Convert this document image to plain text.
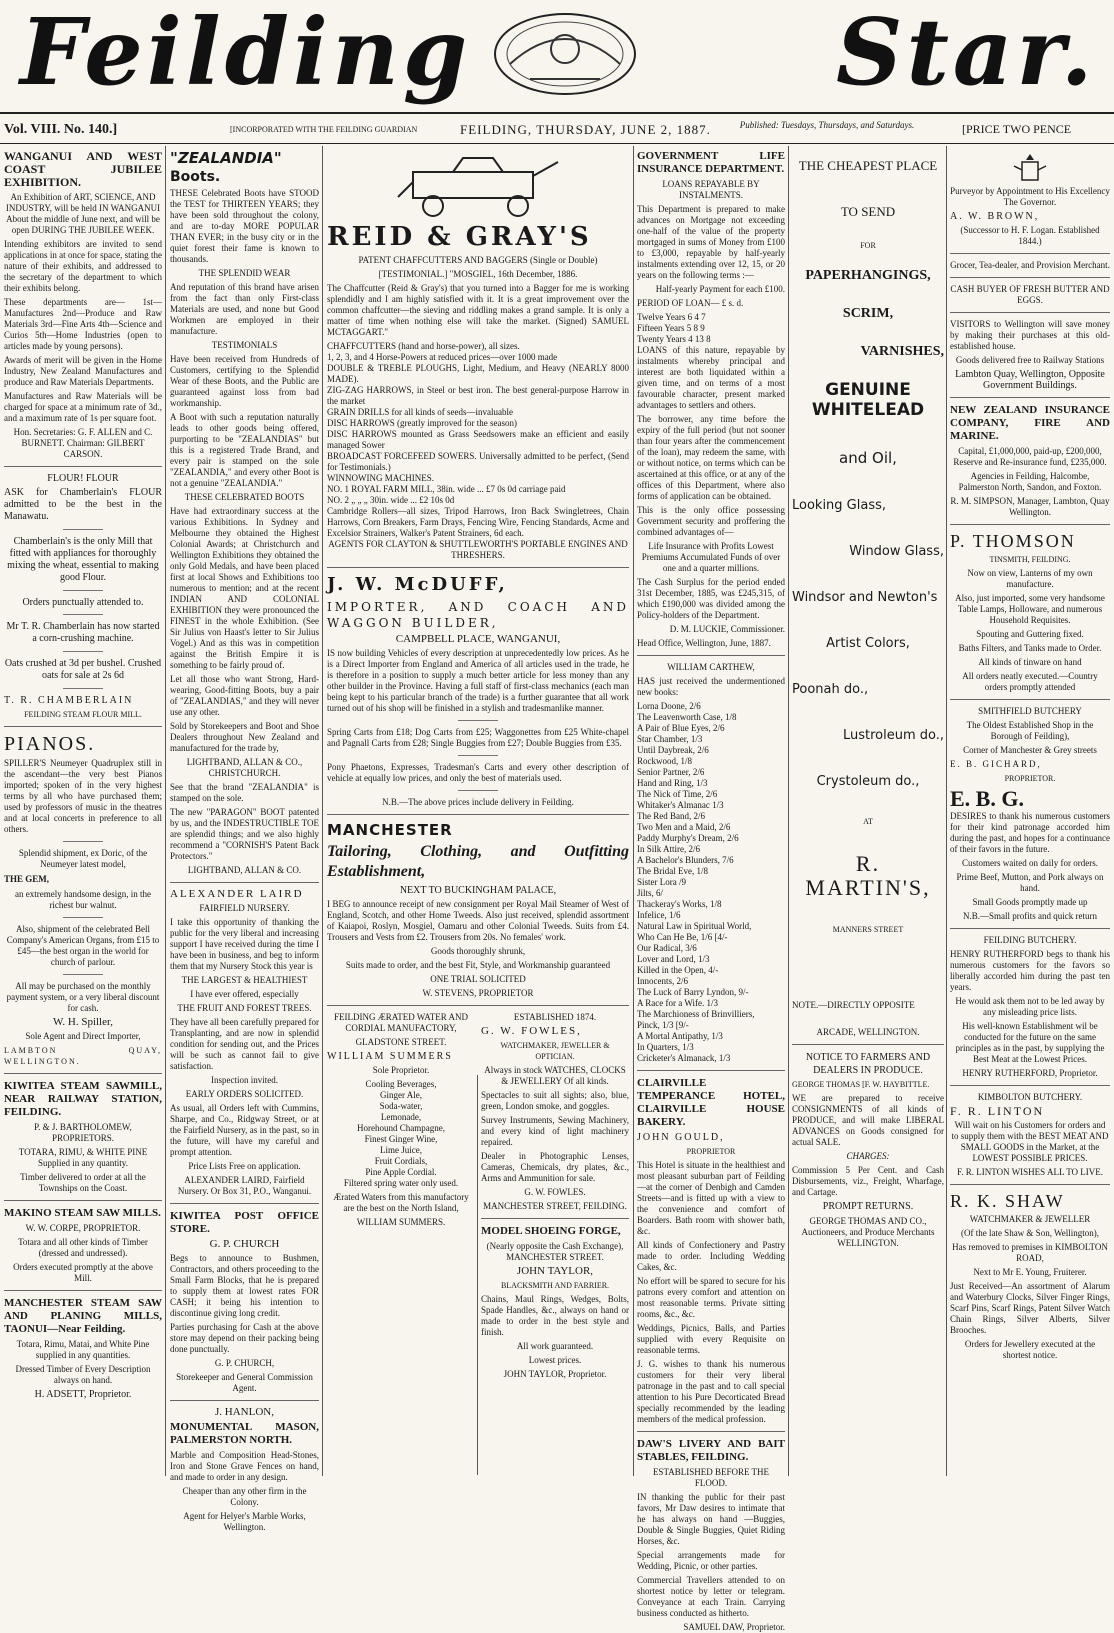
Feilding	Star.
Vol. VIII. No. 140.]	[INCORPORATED WITH THE FEILDING GUARDIAN	FEILDING, THURSDAY, JUNE 2, 1887.	Published: Tuesdays, Thursdays, and Saturdays.	[PRICE TWO PENCE

WANGANUI AND WEST COAST JUBILEE EXHIBITION.

An Exhibition of ART, SCIENCE, AND INDUSTRY, will be held IN WANGANUI About the middle of June next, and will be open DURING THE JUBILEE WEEK.

Intending exhibitors are invited to send applications in at once for space, stating the nature of their exhibits, and addressed to the secretary of the department to which their exhibits belong.

These departments are— 1st—Manufactures 2nd—Produce and Raw Materials 3rd—Fine Arts 4th—Science and Curios 5th—Home Industries (open to articles made by young persons).

Awards of merit will be given in the Home Industry, New Zealand Manufactures and produce and Raw Materials Departments.

Manufactures and Raw Materials will be charged for space at a minimum rate of 3d., and a maximum rate of 1s per square foot.

Hon. Secretaries: G. F. ALLEN and C. BURNETT. Chairman: GILBERT CARSON.

FLOUR! FLOUR

ASK for Chamberlain's FLOUR admitted to be the best in the Manawatu.

Chamberlain's is the only Mill that fitted with appliances for thoroughly mixing the wheat, essential to making good Flour.

Orders punctually attended to.

Mr T. R. Chamberlain has now started a corn-crushing machine.

Oats crushed at 3d per bushel. Crushed oats for sale at 2s 6d

T. R. CHAMBERLAIN

FEILDING STEAM FLOUR MILL.

PIANOS.

SPILLER'S Neumeyer Quadruplex still in the ascendant—the very best Pianos imported; spoken of in the very highest terms by all who have purchased them; used by professors of music in the theatres and at local concerts in preference to all others.

Splendid shipment, ex Doric, of the Neumeyer latest model,

THE GEM,

an extremely handsome design, in the richest bur walnut.

Also, shipment of the celebrated Bell Company's American Organs, from £15 to £45—the best organ in the world for church of parlour.

All may be purchased on the monthly payment system, or a very liberal discount for cash.

W. H. Spiller,

Sole Agent and Direct Importer,

LAMBTON QUAY, WELLINGTON.

KIWITEA STEAM SAWMILL, NEAR RAILWAY STATION, FEILDING.

P. & J. BARTHOLOMEW, PROPRIETORS.

TOTARA, RIMU, & WHITE PINE Supplied in any quantity.

Timber delivered to order at all the Townships on the Coast.

MAKINO STEAM SAW MILLS.

W. W. CORPE, PROPRIETOR.

Totara and all other kinds of Timber (dressed and undressed).

Orders executed promptly at the above Mill.

MANCHESTER STEAM SAW AND PLANING MILLS, TAONUI—Near Feilding.

Totara, Rimu, Matai, and White Pine supplied in any quantities.

Dressed Timber of Every Description always on hand.

H. ADSETT, Proprietor.

"ZEALANDIA"

Boots.

THESE Celebrated Boots have STOOD the TEST for THIRTEEN YEARS; they have been sold throughout the colony, and are to-day MORE POPULAR THAN EVER; in the busy city or in the quiet forest their fame is known to thousands.

THE SPLENDID WEAR

And reputation of this brand have arisen from the fact than only First-class Materials are used, and none but Good Workmen are employed in their manufacture.

TESTIMONIALS

Have been received from Hundreds of Customers, certifying to the Splendid Wear of these Boots, and the Public are guaranteed against loss from bad workmanship.

A Boot with such a reputation naturally leads to other goods being offered, purporting to be "ZEALANDIAS" but this is a registered Trade Brand, and every pair is stamped on the sole "ZEALANDIA," and every other Boot is not a genuine "ZEALANDIA."

THESE CELEBRATED BOOTS

Have had extraordinary success at the various Exhibitions. In Sydney and Melbourne they obtained the Highest Colonial Awards; at Christchurch and Wellington Exhibitions they obtained the only Gold Medals, and have been placed first at local Shows and Exhibitions too numerous to mention; and at the recent INDIAN AND COLONIAL EXHIBITION they were pronounced the FINEST in the whole Exhibition. (See Sir Julius von Haast's letter to Sir Julius Vogel.) And as this was in competition against the British Empire it is something to be fairly proud of.

Let all those who want Strong, Hard-wearing, Good-fitting Boots, buy a pair of "ZEALANDIAS," and they will never use any other.

Sold by Storekeepers and Boot and Shoe Dealers throughout New Zealand and manufactured for the trade by,

LIGHTBAND, ALLAN & CO., CHRISTCHURCH.

See that the brand "ZEALANDIA" is stamped on the sole.

The new "PARAGON" BOOT patented by us, and the INDESTRUCTIBLE TOE are splendid things; and we also highly recommend a "CORNISH'S Patent Back Protectors."

LIGHTBAND, ALLAN & CO.

ALEXANDER LAIRD

FAIRFIELD NURSERY.

I take this opportunity of thanking the public for the very liberal and increasing support I have received during the time I have been in business, and beg to inform them that my Nursery Stock this year is

THE LARGEST & HEALTHIEST

I have ever offered, especially

THE FRUIT AND FOREST TREES.

They have all been carefully prepared for Transplanting, and are now in splendid condition for sending out, and the Prices will be such as cannot fail to give satisfaction.

Inspection invited.

EARLY ORDERS SOLICITED.

As usual, all Orders left with Cummins, Sharpe, and Co., Ridgway Street, or at the Fairfield Nursery, as in the past, so in the future, will have my careful and prompt attention.

Price Lists Free on application.

ALEXANDER LAIRD, Fairfield Nursery. Or Box 31, P.O., Wanganui.

KIWITEA POST OFFICE STORE.

G. P. CHURCH

Begs to announce to Bushmen, Contractors, and others proceeding to the Small Farm Blocks, that he is prepared to supply them at lowest rates FOR CASH; it being his intention to discontinue giving long credit.

Parties purchasing for Cash at the above store may depend on their packing being done punctually.

G. P. CHURCH,

Storekeeper and General Commission Agent.

J. HANLON,

MONUMENTAL MASON, PALMERSTON NORTH.

Marble and Composition Head-Stones, Iron and Stone Grave Fences on hand, and made to order in any design.

Cheaper than any other firm in the Colony.

Agent for Helyer's Marble Works, Wellington.

REID & GRAY'S

PATENT CHAFFCUTTERS AND BAGGERS (Single or Double)

[TESTIMONIAL.] "MOSGIEL, 16th December, 1886.

The Chaffcutter (Reid & Gray's) that you turned into a Bagger for me is working splendidly and I am highly satisfied with it. It is a great improvement over the common chaffcutter—the sieving and riddling makes a grand sample. It is only a matter of time when nothing else will take the market. (Signed) SAMUEL MCTAGGART."

CHAFFCUTTERS (hand and horse-power), all sizes.

1, 2, 3, and 4 Horse-Powers at reduced prices—over 1000 made

DOUBLE & TREBLE PLOUGHS, Light, Medium, and Heavy (NEARLY 8000 MADE).

ZIG-ZAG HARROWS, in Steel or best iron. The best general-purpose Harrow in the market

GRAIN DRILLS for all kinds of seeds—invaluable

DISC HARROWS (greatly improved for the season)

DISC HARROWS mounted as Grass Seedsowers make an efficient and easily managed Sower

BROADCAST FORCEFEED SOWERS. Universally admitted to be perfect, (Send for Testimonials.)

WINNOWING MACHINES.

NO. 1 ROYAL FARM MILL, 38in. wide ... £7 0s 0d carriage paid

NO. 2 „ „ „ 30in. wide ... £2 10s 0d

Cambridge Rollers—all sizes, Tripod Harrows, Iron Back Swingletrees, Chain Harrows, Corn Breakers, Farm Drays, Fencing Wire, Fencing Standards, Acme and Excelsior Strainers, Walker's Patent Strainers, 6d each.

AGENTS FOR CLAYTON & SHUTTLEWORTH'S PORTABLE ENGINES AND THRESHERS.

J. W. McDUFF,

IMPORTER, AND COACH AND WAGGON BUILDER,

CAMPBELL PLACE, WANGANUI,

IS now building Vehicles of every description at unprecedentedly low prices. As he is a Direct Importer from England and America of all articles used in the trade, he is therefore in a position to supply a much better article for less money than any other builder in the Province. Having a full staff of first-class mechanics (each man being kept to his particular branch of the trade) is a further guarantee that all work turned out of his shop will be finished in a stylish and tradesmanlike manner.

Spring Carts from £18; Dog Carts from £25; Waggonettes from £25 White-chapel and Pagnall Carts from £28; Single Buggies from £27; Double Buggies from £35.

Pony Phaetons, Expresses, Tradesman's Carts and every other description of vehicle at equally low prices, and only the best of materials used.

N.B.—The above prices include delivery in Feilding.

MANCHESTER

Tailoring, Clothing, and Outfitting Establishment,

NEXT TO BUCKINGHAM PALACE,

I BEG to announce receipt of new consignment per Royal Mail Steamer of West of England, Scotch, and other Home Tweeds. Also just received, splendid assortment of Kaiapoi, Roslyn, Mosgiel, Oamaru and other Colonial Tweeds. Suits from £4. Trousers and Vests from £2. Trousers from 20s. No females' work.

Goods thoroughly shrunk,

Suits made to order, and the best Fit, Style, and Workmanship guaranteed

ONE TRIAL SOLICITED

W. STEVENS, PROPRIETOR

FEILDING ÆRATED WATER AND CORDIAL MANUFACTORY,

GLADSTONE STREET.

WILLIAM SUMMERS

Sole Proprietor.

Cooling Beverages,

Ginger Ale,

Soda-water,

Lemonade,

Horehound Champagne,

Finest Ginger Wine,

Lime Juice,

Fruit Cordials,

Pine Apple Cordial.

Filtered spring water only used.

Ærated Waters from this manufactory are the best on the North Island,

WILLIAM SUMMERS.

ESTABLISHED 1874.

G. W. FOWLES,

WATCHMAKER, JEWELLER & OPTICIAN.

Always in stock WATCHES, CLOCKS & JEWELLERY Of all kinds.

Spectacles to suit all sights; also, blue, green, London smoke, and goggles.

Survey Instruments, Sewing Machinery, and every kind of light machinery repaired.

Dealer in Photographic Lenses, Cameras, Chemicals, dry plates, &c., Arms and Ammunition for sale.

G. W. FOWLES.

MANCHESTER STREET, FEILDING.

MODEL SHOEING FORGE,

(Nearly opposite the Cash Exchange), MANCHESTER STREET.

JOHN TAYLOR,

BLACKSMITH AND FARRIER.

Chains, Maul Rings, Wedges, Bolts, Spade Handles, &c., always on hand or made to order in the best style and finish.

All work guaranteed.

Lowest prices.

JOHN TAYLOR, Proprietor.

GOVERNMENT LIFE INSURANCE DEPARTMENT.

LOANS REPAYABLE BY INSTALMENTS.

This Department is prepared to make advances on Mortgage not exceeding one-half of the value of the property mortgaged in sums of Money from £100 to £3,000, repayable by half-yearly instalments extending over 12, 15, or 20 years on the following terms :—

Half-yearly Payment for each £100.

PERIOD OF LOAN— £ s. d.

Twelve Years 6 4 7

Fifteen Years 5 8 9

Twenty Years 4 13 8

LOANS of this nature, repayable by instalments whereby principal and interest are both liquidated within a given time, and on terms of a most favourable character, present marked advantages to settlers and others.

The borrower, any time before the expiry of the full period (but not sooner than four years after the commencement of the loan), may redeem the same, with or without notice, on terms which can be ascertained at this office, or at any of the offices of this Department, where also forms of application can be obtained.

This is the only office possessing Government security and proffering the combined advantages of—

Life Insurance with Profits Lowest Premiums Accumulated Funds of over one and a quarter millions.

The Cash Surplus for the period ended 31st December, 1885, was £245,315, of which £190,000 was divided among the Policy-holders of the Department.

D. M. LUCKIE, Commissioner.

Head Office, Wellington, June, 1887.

WILLIAM CARTHEW,

HAS just received the undermentioned new books:

Lorna Doone, 2/6

The Leavenworth Case, 1/8

A Pair of Blue Eyes, 2/6

Star Chamber, 1/3

Until Daybreak, 2/6

Rockwood, 1/8

Senior Partner, 2/6

Hand and Ring, 1/3

The Nick of Time, 2/6

Whitaker's Almanac 1/3

The Red Band, 2/6

Two Men and a Maid, 2/6

Paddy Murphy's Dream, 2/6

In Silk Attire, 2/6

A Bachelor's Blunders, 7/6

The Bridal Eve, 1/8

Sister Lora /9

Jilts, 6/

Thackeray's Works, 1/8

Infelice, 1/6

Natural Law in Spiritual World,

Who Can He Be, 1/6 [4/-

Our Radical, 3/6

Lover and Lord, 1/3

Killed in the Open, 4/-

Innocents, 2/6

The Luck of Barry Lyndon, 9/-

A Race for a Wife. 1/3

The Marchioness of Brinvilliers,

Pinck, 1/3 [9/-

A Mortal Antipathy, 1/3

In Quarters, 1/3

Cricketer's Almanack, 1/3

CLAIRVILLE TEMPERANCE HOTEL, CLAIRVILLE HOUSE BAKERY.

JOHN GOULD,

PROPRIETOR

This Hotel is situate in the healthiest and most pleasant suburban part of Feilding—at the corner of Denbigh and Camden Streets—and is fitted up with a view to the convenience and comfort of Boarders. Bath room with shower bath, &c.

All kinds of Confectionery and Pastry made to order. Including Wedding Cakes, &c.

No effort will be spared to secure for his patrons every comfort and attention on most reasonable terms. Private sitting rooms, &c., &c.

Weddings, Picnics, Balls, and Parties supplied with every Requisite on reasonable terms.

J. G. wishes to thank his numerous customers for their very liberal patronage in the past and to call special attention to his Pure Decorticated Bread specially recommended by the leading members of the medical profession.

DAW'S LIVERY AND BAIT STABLES, FEILDING.

ESTABLISHED BEFORE THE FLOOD.

IN thanking the public for their past favors, Mr Daw desires to intimate that he has always on hand —Buggies, Double & Single Buggies, Quiet Riding Horses, &c.

Special arrangements made for Wedding, Picnic, or other parties.

Commercial Travellers attended to on shortest notice by letter or telegram. Conveyance at each Train. Carrying business conducted as hitherto.

SAMUEL DAW, Proprietor.

THE CHEAPEST PLACE

TO SEND

FOR

PAPERHANGINGS,

SCRIM,

VARNISHES,

GENUINE WHITELEAD

and Oil,

Looking Glass,

Window Glass,

Windsor and Newton's

Artist Colors,

Poonah do.,

Lustroleum do.,

Crystoleum do.,

AT

R. MARTIN'S,

MANNERS STREET

NOTE.—DIRECTLY OPPOSITE

ARCADE, WELLINGTON.

NOTICE TO FARMERS AND DEALERS IN PRODUCE.

GEORGE THOMAS [F. W. HAYBITTLE.

WE are prepared to receive CONSIGNMENTS of all kinds of PRODUCE, and will make LIBERAL ADVANCES on Goods consigned for actual SALE.

CHARGES:

Commission 5 Per Cent. and Cash Disbursements, viz., Freight, Wharfage, and Cartage.

PROMPT RETURNS.

GEORGE THOMAS AND CO., Auctioneers, and Produce Merchants WELLINGTON.

Purveyor by Appointment to His Excellency The Governor.

A. W. BROWN,

(Successor to H. F. Logan. Established 1844.)

Grocer, Tea-dealer, and Provision Merchant.

CASH BUYER OF FRESH BUTTER AND EGGS.

VISITORS to Wellington will save money by making their purchases at this old-established house.

Goods delivered free to Railway Stations

Lambton Quay, Wellington, Opposite Government Buildings.

NEW ZEALAND INSURANCE COMPANY, FIRE AND MARINE.

Capital, £1,000,000, paid-up, £200,000, Reserve and Re-insurance fund, £235,000.

Agencies in Feilding, Halcombe, Palmerston North, Sandon, and Foxton.

R. M. SIMPSON, Manager, Lambton, Quay Wellington.

P. THOMSON

TINSMITH, FEILDING.

Now on view, Lanterns of my own manufacture.

Also, just imported, some very handsome Table Lamps, Holloware, and numerous Household Requisites.

Spouting and Guttering fixed.

Baths Filters, and Tanks made to Order.

All kinds of tinware on hand

All orders neatly executed.—Country orders promptly attended

SMITHFIELD BUTCHERY

The Oldest Established Shop in the Borough of Feilding),

Corner of Manchester & Grey streets

E. B. GICHARD,

PROPRIETOR.

E. B. G.

DESIRES to thank his numerous customers for their kind patronage accorded him during the past, and hopes for a continuance of their favors in the future.

Customers waited on daily for orders.

Prime Beef, Mutton, and Pork always on hand.

Small Goods promptly made up

N.B.—Small profits and quick return

FEILDING BUTCHERY.

HENRY RUTHERFORD begs to thank his numerous customers for the favors so liberally accorded him during the past ten years.

He would ask them not to be led away by any misleading price lists.

His well-known Establishment wil be conducted for the future on the same principles as in the past, by supplying the Best Meat at the Lowest Prices.

HENRY RUTHERFORD, Proprietor.

KIMBOLTON BUTCHERY.

F. R. LINTON

Will wait on his Customers for orders and to supply them with the BEST MEAT AND SMALL GOODS in the Market, at the LOWEST POSSIBLE PRICES.

F. R. LINTON WISHES ALL TO LIVE.

R. K. SHAW

WATCHMAKER & JEWELLER

(Of the late Shaw & Son, Wellington),

Has removed to premises in KIMBOLTON ROAD,

Next to Mr E. Young, Fruiterer.

Just Received—An assortment of Alarum and Waterbury Clocks, Silver Finger Rings, Scarf Pins, Scarf Rings, Patent Silver Watch Chain Rings, Silver Alberts, Silver Brooches.

Orders for Jewellery executed at the shortest notice.
